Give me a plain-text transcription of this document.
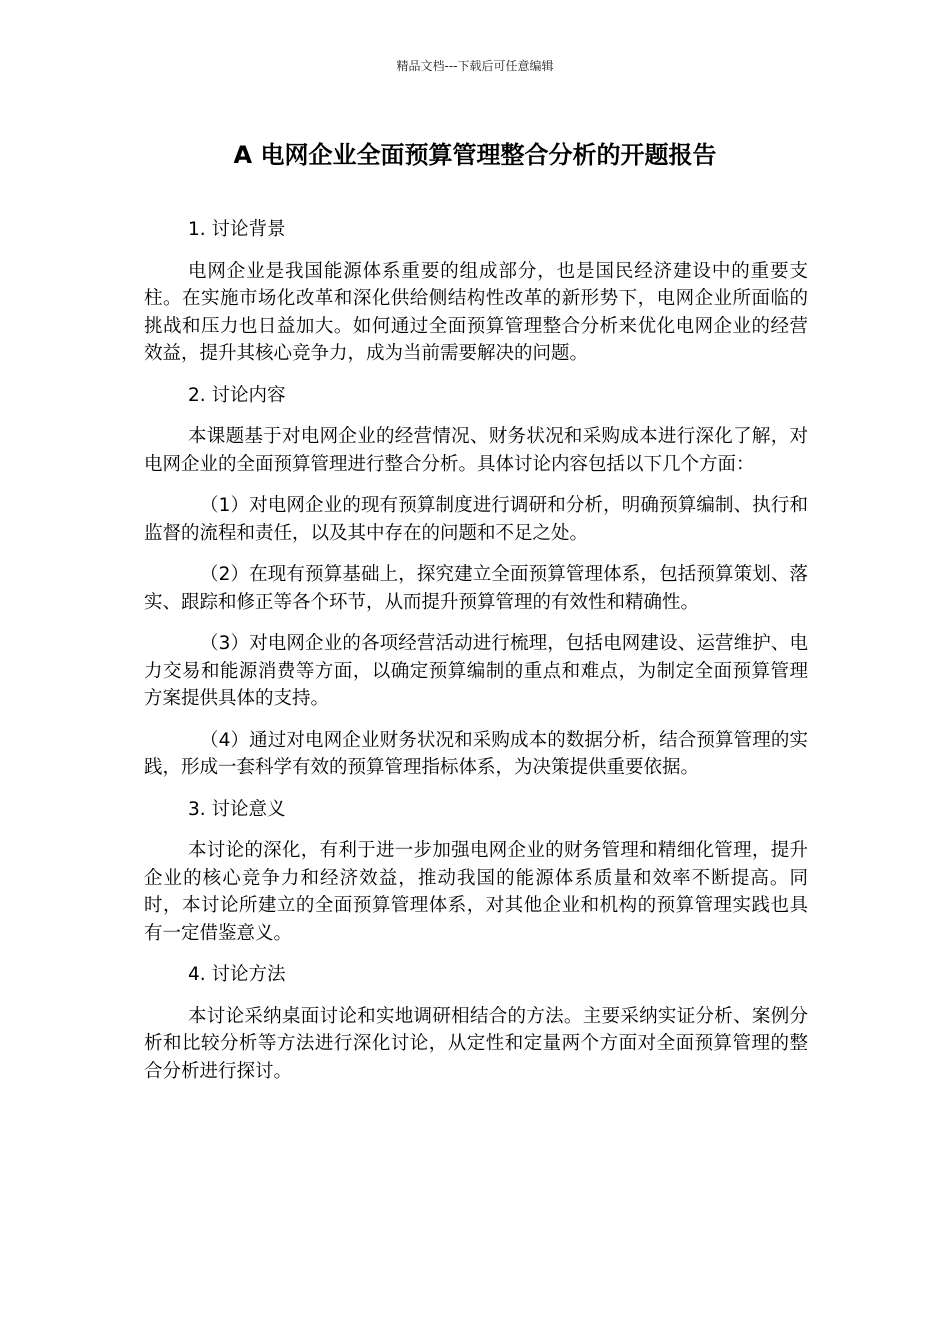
精品文档---下载后可任意编辑
A 电网企业全面预算管理整合分析的开题报告

1. 讨论背景

电网企业是我国能源体系重要的组成部分，也是国民经济建设中的重要支柱。在实施市场化改革和深化供给侧结构性改革的新形势下，电网企业所面临的挑战和压力也日益加大。如何通过全面预算管理整合分析来优化电网企业的经营效益，提升其核心竞争力，成为当前需要解决的问题。

2. 讨论内容

本课题基于对电网企业的经营情况、财务状况和采购成本进行深化了解，对电网企业的全面预算管理进行整合分析。具体讨论内容包括以下几个方面：

（1）对电网企业的现有预算制度进行调研和分析，明确预算编制、执行和监督的流程和责任，以及其中存在的问题和不足之处。

（2）在现有预算基础上，探究建立全面预算管理体系，包括预算策划、落实、跟踪和修正等各个环节，从而提升预算管理的有效性和精确性。

（3）对电网企业的各项经营活动进行梳理，包括电网建设、运营维护、电力交易和能源消费等方面，以确定预算编制的重点和难点，为制定全面预算管理方案提供具体的支持。

（4）通过对电网企业财务状况和采购成本的数据分析，结合预算管理的实践，形成一套科学有效的预算管理指标体系，为决策提供重要依据。

3. 讨论意义

本讨论的深化，有利于进一步加强电网企业的财务管理和精细化管理，提升企业的核心竞争力和经济效益，推动我国的能源体系质量和效率不断提高。同时，本讨论所建立的全面预算管理体系，对其他企业和机构的预算管理实践也具有一定借鉴意义。

4. 讨论方法

本讨论采纳桌面讨论和实地调研相结合的方法。主要采纳实证分析、案例分析和比较分析等方法进行深化讨论，从定性和定量两个方面对全面预算管理的整合分析进行探讨。
